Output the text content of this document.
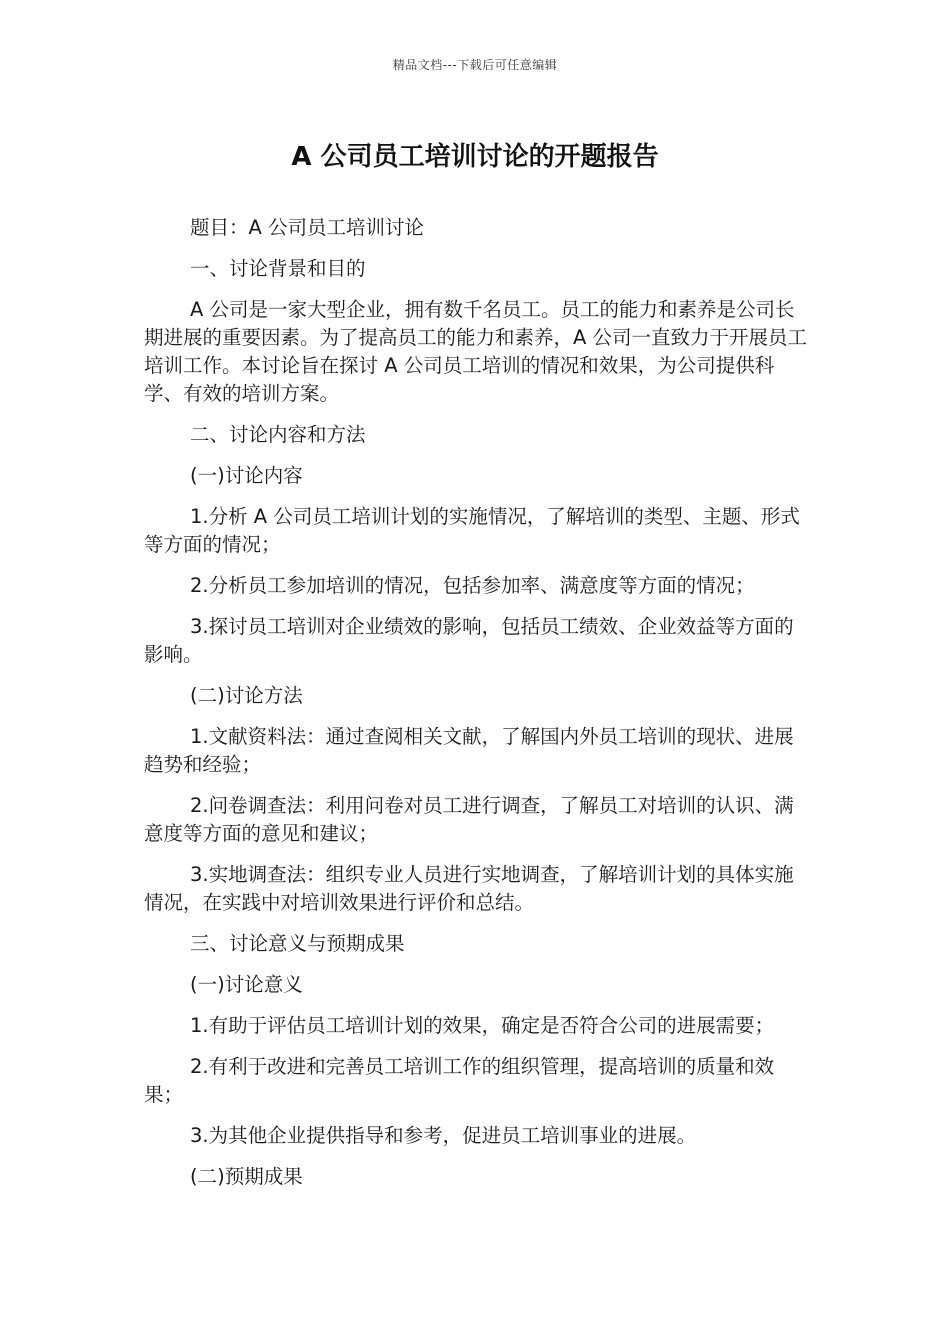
精品文档---下载后可任意编辑
A 公司员工培训讨论的开题报告

题目：A 公司员工培训讨论

一、讨论背景和目的

A 公司是一家大型企业，拥有数千名员工。员工的能力和素养是公司长期进展的重要因素。为了提高员工的能力和素养，A 公司一直致力于开展员工培训工作。本讨论旨在探讨 A 公司员工培训的情况和效果，为公司提供科学、有效的培训方案。

二、讨论内容和方法

(一)讨论内容

1.分析 A 公司员工培训计划的实施情况，了解培训的类型、主题、形式等方面的情况；

2.分析员工参加培训的情况，包括参加率、满意度等方面的情况；

3.探讨员工培训对企业绩效的影响，包括员工绩效、企业效益等方面的影响。

(二)讨论方法

1.文献资料法：通过查阅相关文献，了解国内外员工培训的现状、进展趋势和经验；

2.问卷调查法：利用问卷对员工进行调查，了解员工对培训的认识、满意度等方面的意见和建议；

3.实地调查法：组织专业人员进行实地调查，了解培训计划的具体实施情况，在实践中对培训效果进行评价和总结。

三、讨论意义与预期成果

(一)讨论意义

1.有助于评估员工培训计划的效果，确定是否符合公司的进展需要；

2.有利于改进和完善员工培训工作的组织管理，提高培训的质量和效果；

3.为其他企业提供指导和参考，促进员工培训事业的进展。

(二)预期成果
